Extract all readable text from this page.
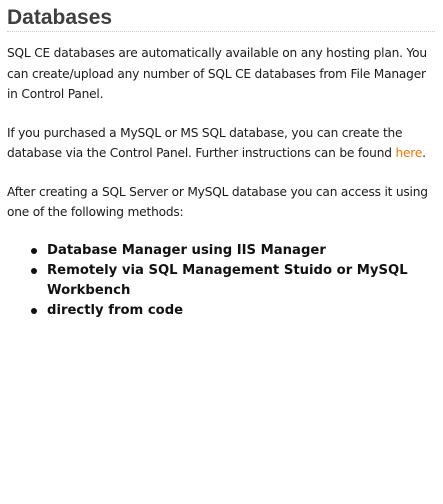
Databases

SQL CE databases are automatically available on any hosting plan. You can create/upload any number of SQL CE databases from File Manager in Control Panel.

If you purchased a MySQL or MS SQL database, you can create the database via the Control Panel. Further instructions can be found here.

After creating a SQL Server or MySQL database you can access it using one of the following methods:

Database Manager using IIS Manager
Remotely via SQL Management Stuido or MySQL Workbench
directly from code
